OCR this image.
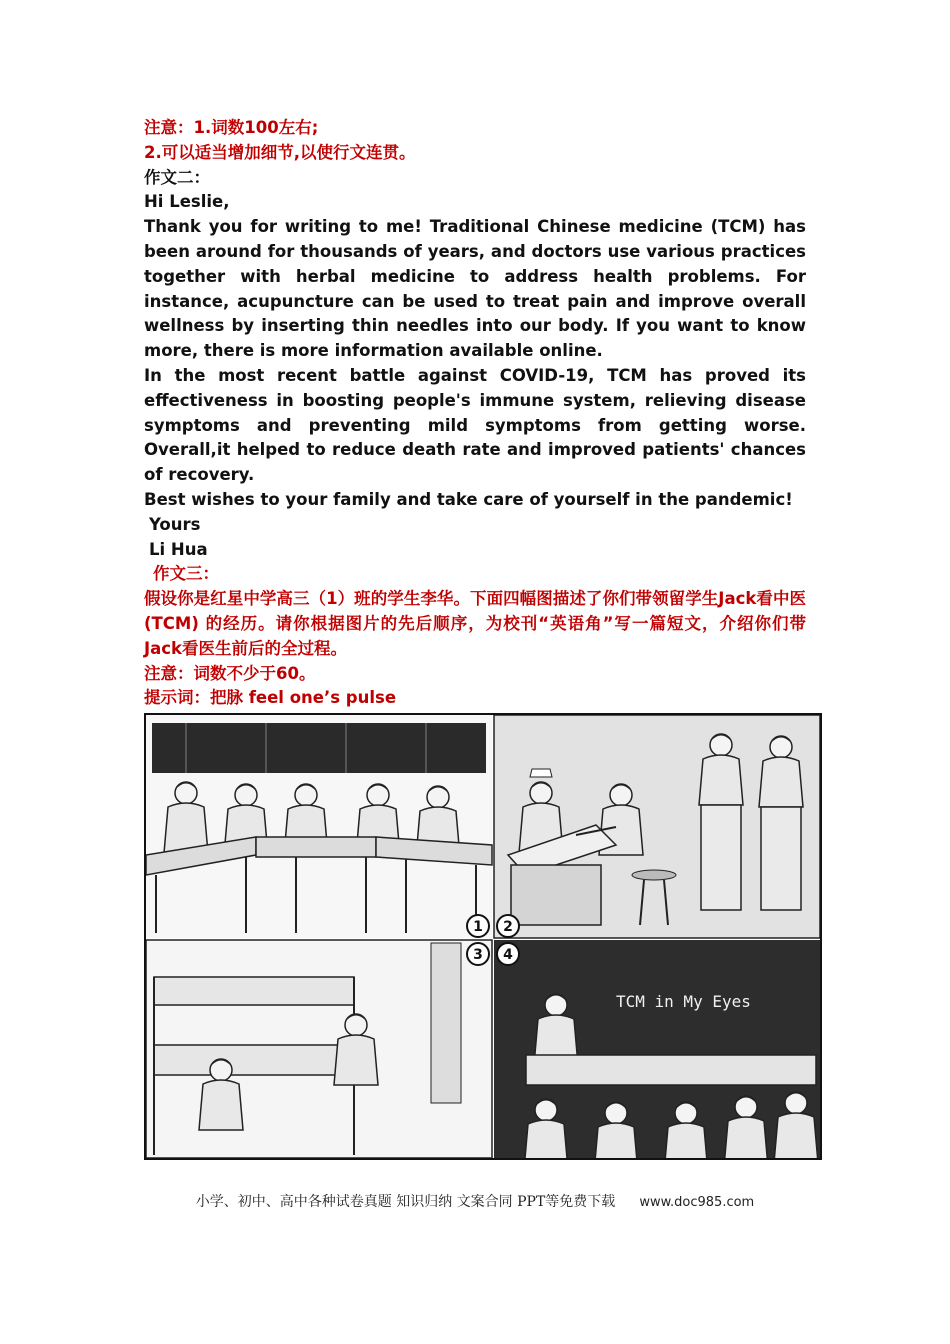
注意：1.词数100左右;

2.可以适当增加细节,以使行文连贯。

作文二：

Hi Leslie,

Thank you for writing to me! Traditional Chinese medicine (TCM) has been around for thousands of years, and doctors use various practices together with herbal medicine to address health problems. For instance, acupuncture can be used to treat pain and improve overall wellness by inserting thin needles into our body. If you want to know more, there is more information available online.

In the most recent battle against COVID-19, TCM has proved its effectiveness in boosting people's immune system, relieving disease symptoms and preventing mild symptoms from getting worse. Overall,it helped to reduce death rate and improved patients' chances of recovery.

Best wishes to your family and take care of yourself in the pandemic!

Yours

Li Hua

作文三：

假设你是红星中学高三（1）班的学生李华。下面四幅图描述了你们带领留学生Jack看中医(TCM) 的经历。请你根据图片的先后顺序，为校刊“英语角”写一篇短文，介绍你们带Jack看医生前后的全过程。

注意：词数不少于60。

提示词：把脉 feel one’s pulse

TCM in My Eyes
1 2
3 4
小学、初中、高中各种试卷真题 知识归纳 文案合同 PPT等免费下载 www.doc985.com
